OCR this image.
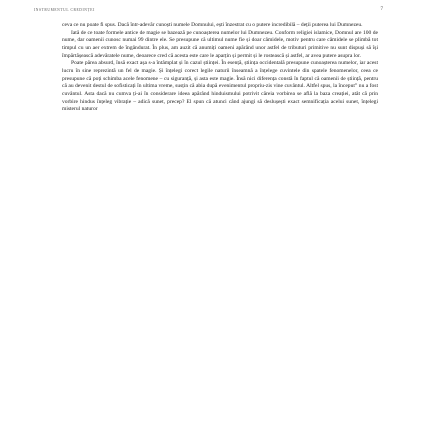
INSTRUMENTUL CREDINȚEI	7

ceva ce nu poate fi spus. Dacă într-adevăr cunoști numele Domnului, ești înzestrat cu o putere incredibilă – deții puterea lui Dumnezeu.

Iată de ce toate formele antice de magie se bazează pe cunoașterea numelor lui Dumnezeu. Conform religiei islamice, Domnul are 100 de nume, dar oamenii cunosc numai 99 dintre ele. Se presupune că ultimul nume fie și doar câmidele, motiv pentru care câmidele se plimbă tot timpul cu un aer extrem de îngândurat. În plus, am auzit că anumiți oameni apărând unor astfel de tributuri primitive nu sunt dispuși să își împărtășească adevăratele nume, deoarece cred că acesta este care le aparțin și permit și le rostească și astfel, ar avea putere asupra lor.

Poate părea absurd, însă exact așa s-a întâmplat și în cazul științei. În esență, știința occidentală presupune cunoașterea numelor, iar acest lucru în sine reprezintă un fel de magie. Și înțelegi corect legile naturii înseamnă a înțelege cuvintele din spatele fenomenelor, ceea ce presupune că poți schimba acele fenomene – cu siguranță, și asta este magie. Însă nici diferența constă în faptul că oamenii de știință, pentru că au devenit destul de sofisticați în ultima vreme, susțin că abia după evenimentul propriu-zis vine cuvântul. Altfel spus, la început” nu a fost cuvântul. Asta dacă nu cumva ți-ai în considerare ideea apărând hinduismului potrivit căreia vorbirea se află la baza creației, atât că prin vorbire hindus înțeleg vibrație – adică sunet, precep? El spun că atunci când ajungi să deslușești exact semnificația acelui sunet, înțelegi misterul naturor
